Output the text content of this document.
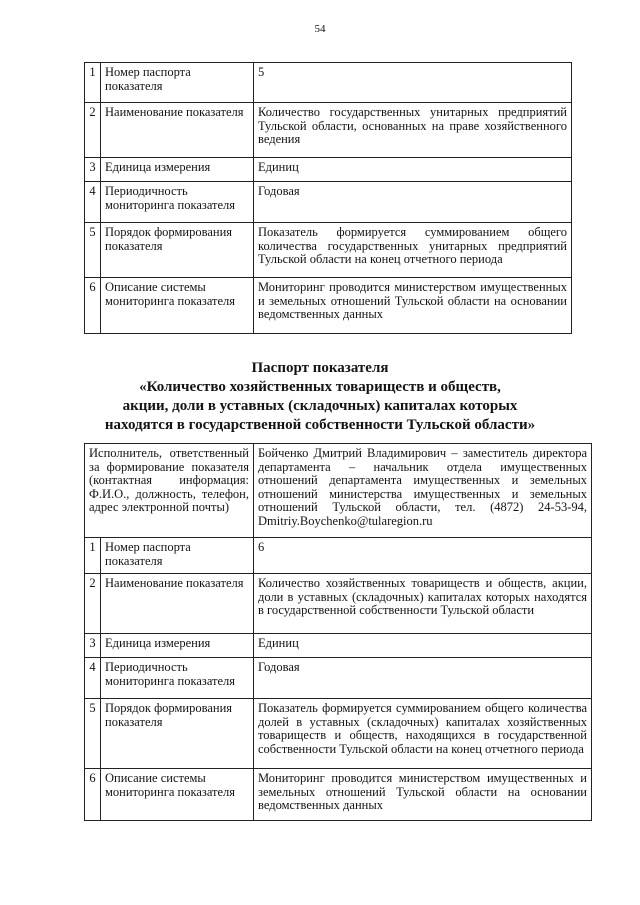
54
1	Номер паспорта показателя	5
2	Наименование показателя	Количество государственных унитарных предприятий Тульской области, основанных на праве хозяйственного ведения
3	Единица измерения	Единиц
4	Периодичность мониторинга показателя	Годовая
5	Порядок формирования показателя	Показатель формируется суммированием общего количества государственных унитарных предприятий Тульской области на конец отчетного периода
6	Описание системы мониторинга показателя	Мониторинг проводится министерством имущественных и земельных отношений Тульской области на основании ведомственных данных
Паспорт показателя
«Количество хозяйственных товариществ и обществ,
акции, доли в уставных (складочных) капиталах которых
находятся в государственной собственности Тульской области»
Исполнитель, ответственный за формирование показателя (контактная информация: Ф.И.О., должность, телефон, адрес электронной почты)		Бойченко Дмитрий Владимирович – заместитель директора департамента – начальник отдела имущественных отношений департамента имущественных и земельных отношений министерства имущественных и земельных отношений Тульской области, тел. (4872) 24-53-94, Dmitriy.Boychenko@tularegion.ru
1	Номер паспорта показателя	6
2	Наименование показателя	Количество хозяйственных товариществ и обществ, акции, доли в уставных (складочных) капиталах которых находятся в государственной собственности Тульской области
3	Единица измерения	Единиц
4	Периодичность мониторинга показателя	Годовая
5	Порядок формирования показателя	Показатель формируется суммированием общего количества долей в уставных (складочных) капиталах хозяйственных товариществ и обществ, находящихся в государственной собственности Тульской области на конец отчетного периода
6	Описание системы мониторинга показателя	Мониторинг проводится министерством имущественных и земельных отношений Тульской области на основании ведомственных данных
